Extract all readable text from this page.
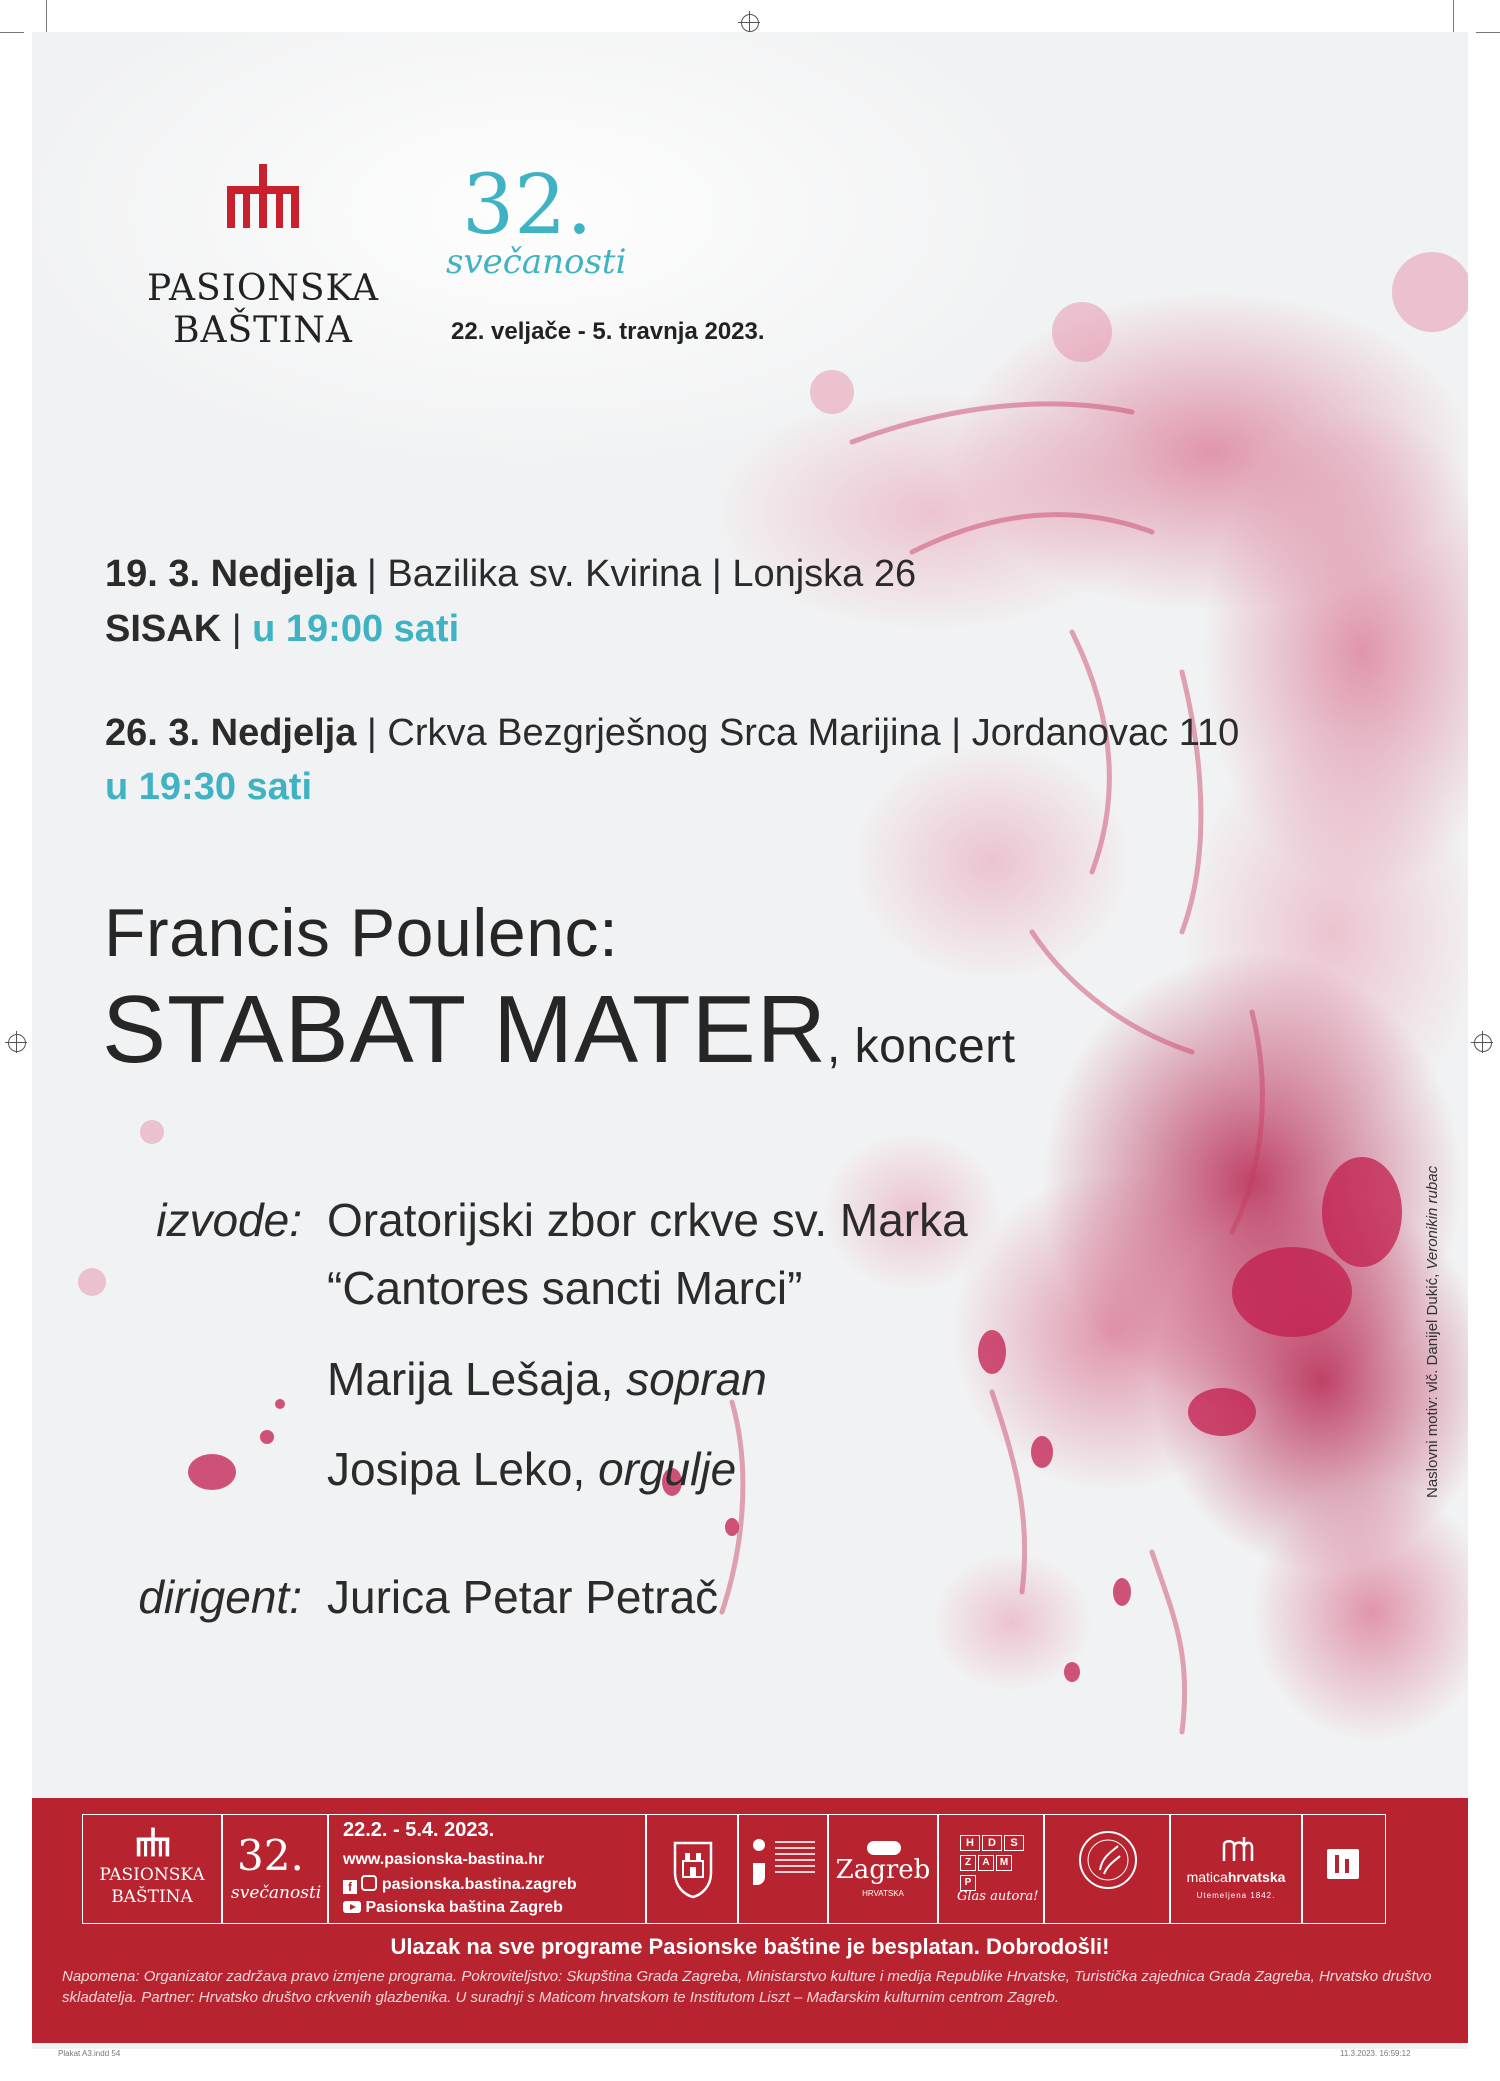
PASIONSKA
BAŠTINA
32.
svečanosti
22. veljače - 5. travnja 2023.
19. 3. Nedjelja | Bazilika sv. Kvirina | Lonjska 26
SISAK | u 19:00 sati
26. 3. Nedjelja | Crkva Bezgrješnog Srca Marijina | Jordanovac 110
u 19:30 sati
Francis Poulenc:
STABAT MATER, koncert
izvode: Oratorijski zbor crkve sv. Marka
“Cantores sancti Marci”
Marija Lešaja, sopran
Josipa Leko, orgulje
dirigent: Jurica Petar Petrač
Naslovni motiv: vlč. Danijel Dukić, Veronikin rubac
PASIONSKA
BAŠTINA
32.
svečanosti
22.2. - 5.4. 2023.
www.pasionska-bastina.hr
f pasionska.bastina.zagreb
Pasionska baština Zagreb
Zagreb
HRVATSKA
H D S Z A MP
Glas autora!
maticahrvatska
Utemeljena 1842.
Ulazak na sve programe Pasionske baštine je besplatan. Dobrodošli!
Napomena: Organizator zadržava pravo izmjene programa. Pokroviteljstvo: Skupština Grada Zagreba, Ministarstvo kulture i medija Republike Hrvatske, Turistička zajednica Grada Zagreba, Hrvatsko društvo skladatelja. Partner: Hrvatsko društvo crkvenih glazbenika. U suradnji s Maticom hrvatskom te Institutom Liszt – Mađarskim kulturnim centrom Zagreb.
Plakat A3.indd 54	11.3.2023. 16:59:12
